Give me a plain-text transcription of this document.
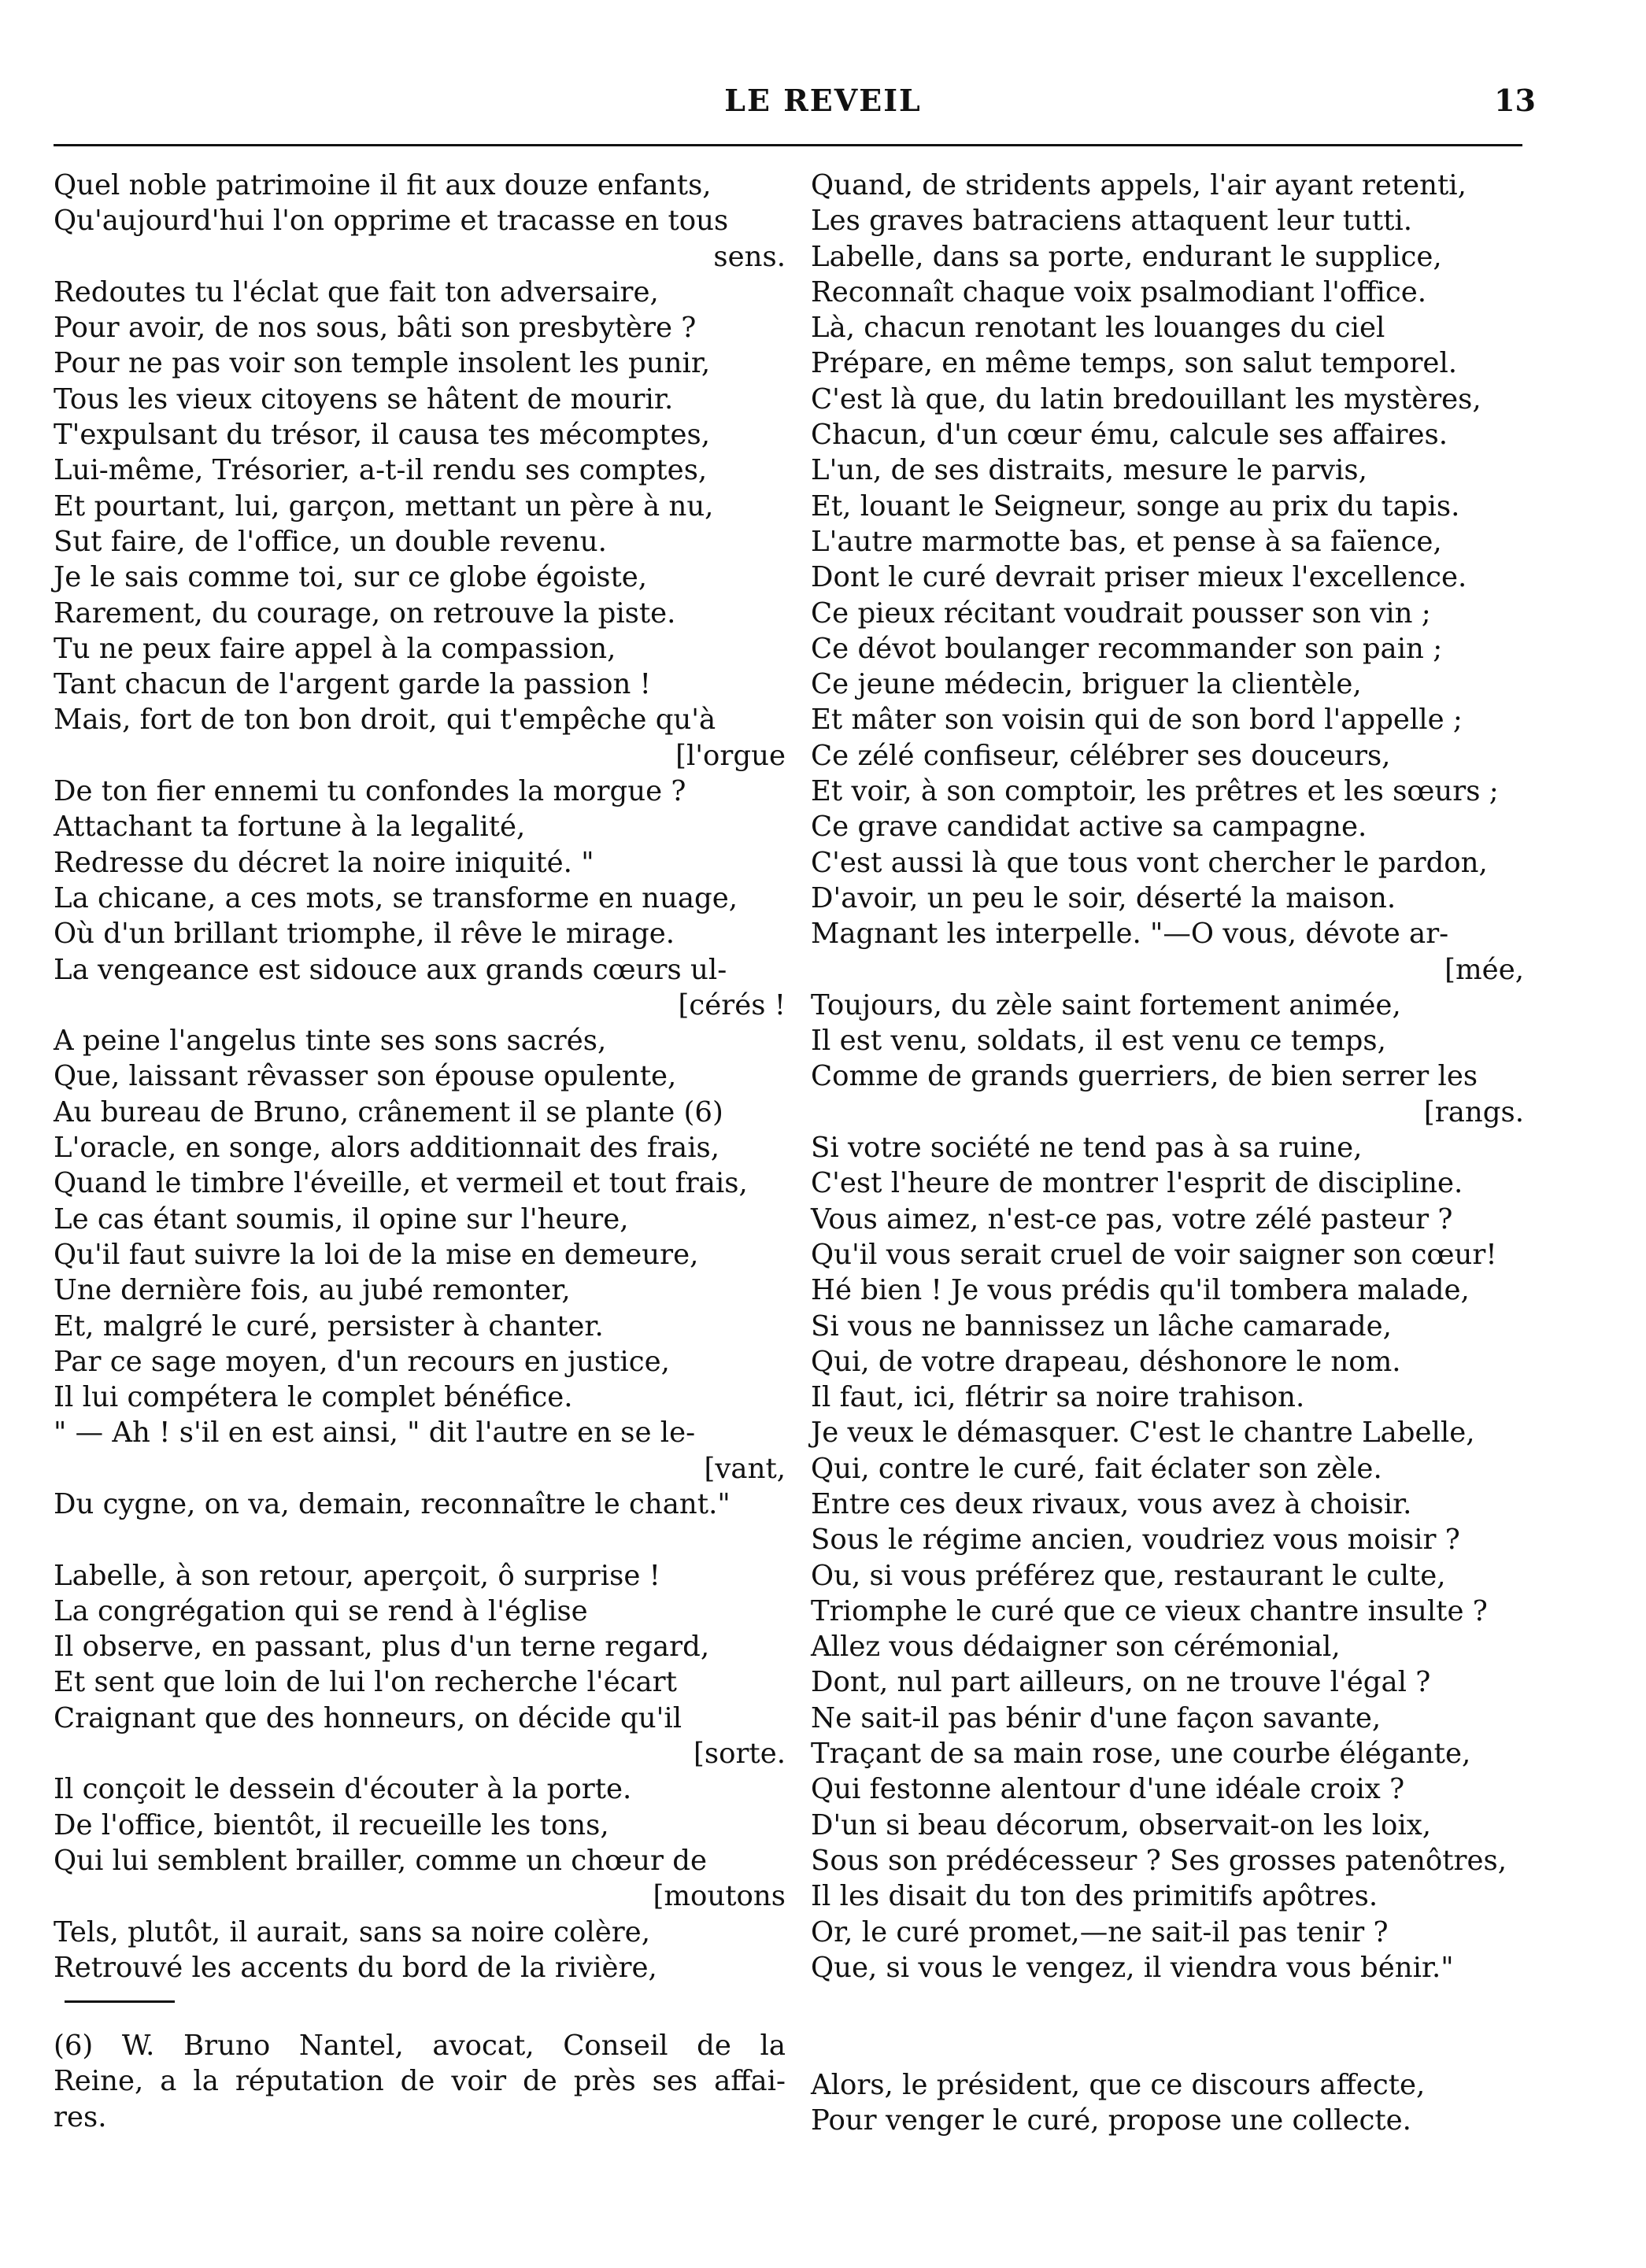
LE REVEIL	13
Quel noble patrimoine il fit aux douze enfants,
Qu'aujourd'hui l'on opprime et tracasse en tous
sens.
Redoutes tu l'éclat que fait ton adversaire,
Pour avoir, de nos sous, bâti son presbytère ?
Pour ne pas voir son temple insolent les punir,
Tous les vieux citoyens se hâtent de mourir.
T'expulsant du trésor, il causa tes mécomptes,
Lui-même, Trésorier, a-t-il rendu ses comptes,
Et pourtant, lui, garçon, mettant un père à nu,
Sut faire, de l'office, un double revenu.
Je le sais comme toi, sur ce globe égoiste,
Rarement, du courage, on retrouve la piste.
Tu ne peux faire appel à la compassion,
Tant chacun de l'argent garde la passion !
Mais, fort de ton bon droit, qui t'empêche qu'à
[l'orgue
De ton fier ennemi tu confondes la morgue ?
Attachant ta fortune à la legalité,
Redresse du décret la noire iniquité. "
La chicane, a ces mots, se transforme en nuage,
Où d'un brillant triomphe, il rêve le mirage.
La vengeance est sidouce aux grands cœurs ul-
[cérés !
A peine l'angelus tinte ses sons sacrés,
Que, laissant rêvasser son épouse opulente,
Au bureau de Bruno, crânement il se plante (6)
L'oracle, en songe, alors additionnait des frais,
Quand le timbre l'éveille, et vermeil et tout frais,
Le cas étant soumis, il opine sur l'heure,
Qu'il faut suivre la loi de la mise en demeure,
Une dernière fois, au jubé remonter,
Et, malgré le curé, persister à chanter.
Par ce sage moyen, d'un recours en justice,
Il lui compétera le complet bénéfice.
" — Ah ! s'il en est ainsi, " dit l'autre en se le-
[vant,
Du cygne, on va, demain, reconnaître le chant."
Labelle, à son retour, aperçoit, ô surprise !
La congrégation qui se rend à l'église
Il observe, en passant, plus d'un terne regard,
Et sent que loin de lui l'on recherche l'écart
Craignant que des honneurs, on décide qu'il
[sorte.
Il conçoit le dessein d'écouter à la porte.
De l'office, bientôt, il recueille les tons,
Qui lui semblent brailler, comme un chœur de
[moutons
Tels, plutôt, il aurait, sans sa noire colère,
Retrouvé les accents du bord de la rivière,
Quand, de stridents appels, l'air ayant retenti,
Les graves batraciens attaquent leur tutti.
Labelle, dans sa porte, endurant le supplice,
Reconnaît chaque voix psalmodiant l'office.
Là, chacun renotant les louanges du ciel
Prépare, en même temps, son salut temporel.
C'est là que, du latin bredouillant les mystères,
Chacun, d'un cœur ému, calcule ses affaires.
L'un, de ses distraits, mesure le parvis,
Et, louant le Seigneur, songe au prix du tapis.
L'autre marmotte bas, et pense à sa faïence,
Dont le curé devrait priser mieux l'excellence.
Ce pieux récitant voudrait pousser son vin ;
Ce dévot boulanger recommander son pain ;
Ce jeune médecin, briguer la clientèle,
Et mâter son voisin qui de son bord l'appelle ;
Ce zélé confiseur, célébrer ses douceurs,
Et voir, à son comptoir, les prêtres et les sœurs ;
Ce grave candidat active sa campagne.
C'est aussi là que tous vont chercher le pardon,
D'avoir, un peu le soir, déserté la maison.
Magnant les interpelle. "—O vous, dévote ar-
[mée,
Toujours, du zèle saint fortement animée,
Il est venu, soldats, il est venu ce temps,
Comme de grands guerriers, de bien serrer les
[rangs.
Si votre société ne tend pas à sa ruine,
C'est l'heure de montrer l'esprit de discipline.
Vous aimez, n'est-ce pas, votre zélé pasteur ?
Qu'il vous serait cruel de voir saigner son cœur!
Hé bien ! Je vous prédis qu'il tombera malade,
Si vous ne bannissez un lâche camarade,
Qui, de votre drapeau, déshonore le nom.
Il faut, ici, flétrir sa noire trahison.
Je veux le démasquer. C'est le chantre Labelle,
Qui, contre le curé, fait éclater son zèle.
Entre ces deux rivaux, vous avez à choisir.
Sous le régime ancien, voudriez vous moisir ?
Ou, si vous préférez que, restaurant le culte,
Triomphe le curé que ce vieux chantre insulte ?
Allez vous dédaigner son cérémonial,
Dont, nul part ailleurs, on ne trouve l'égal ?
Ne sait-il pas bénir d'une façon savante,
Traçant de sa main rose, une courbe élégante,
Qui festonne alentour d'une idéale croix ?
D'un si beau décorum, observait-on les loix,
Sous son prédécesseur ? Ses grosses patenôtres,
Il les disait du ton des primitifs apôtres.
Or, le curé promet,—ne sait-il pas tenir ?
Que, si vous le vengez, il viendra vous bénir."
(6) W. Bruno Nantel, avocat, Conseil de la
Reine, a la réputation de voir de près ses affai-
res.
Alors, le président, que ce discours affecte,
Pour venger le curé, propose une collecte.
